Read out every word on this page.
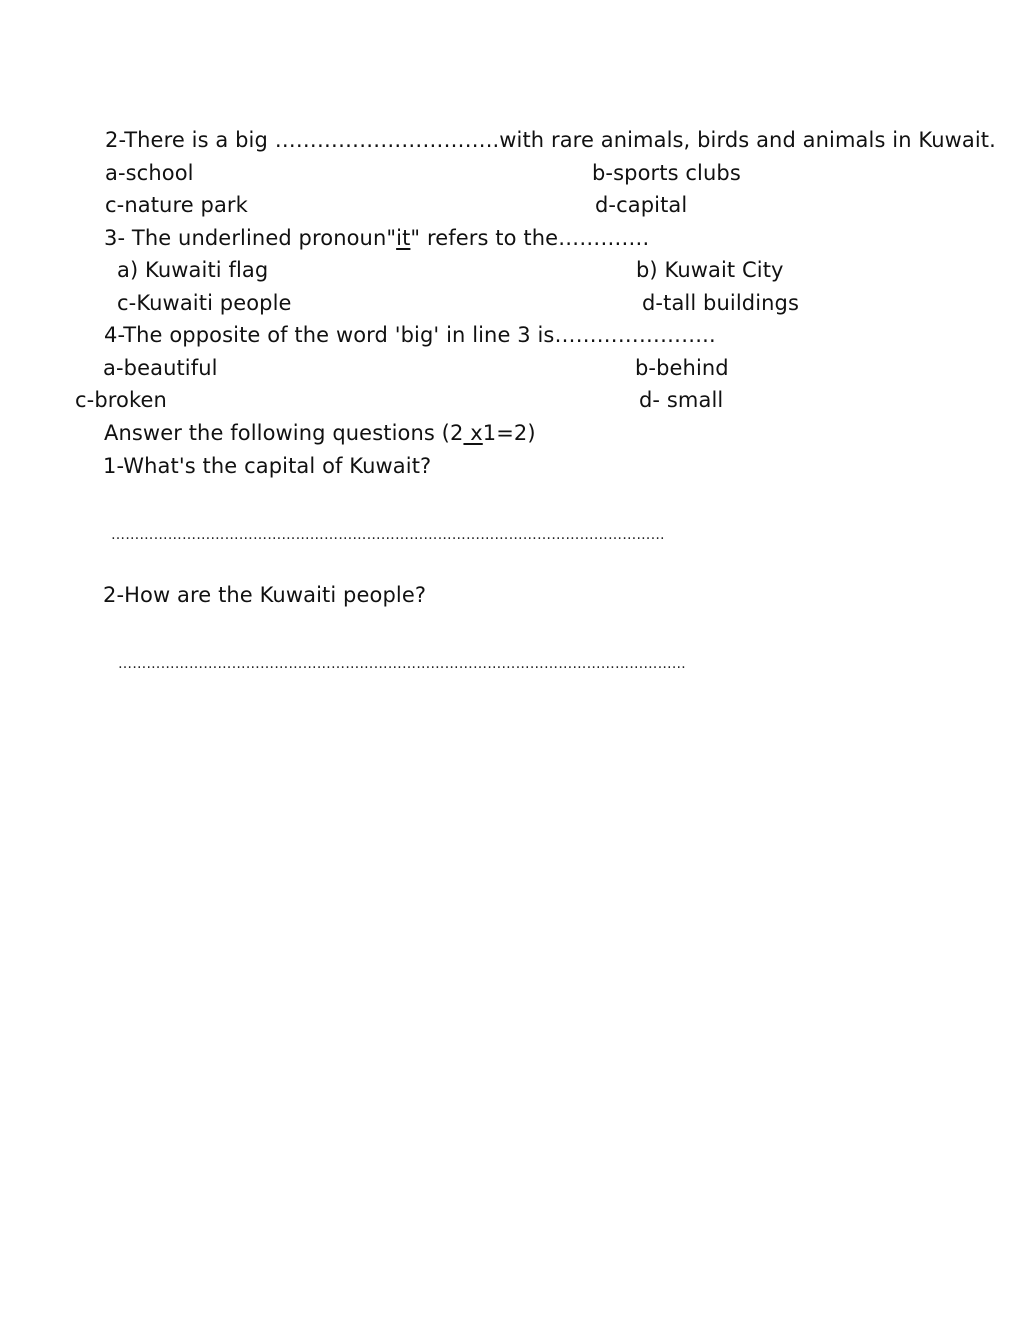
2-There is a big …………………………..with rare animals, birds and animals in Kuwait.
a-school	b-sports clubs
c-nature park	d-capital
3- The underlined pronoun"it" refers to the………….
a) Kuwaiti flag	b) Kuwait City
c-Kuwaiti people	d-tall buildings
4-The opposite of the word 'big' in line 3 is…………………..
a-beautiful	b-behind
c-broken	d- small
Answer the following questions (2 x1=2)
1-What's the capital of Kuwait?
………………………………………………………………………………………………………
2-How are the Kuwaiti people?
…………………………………………………………………………………………………………
